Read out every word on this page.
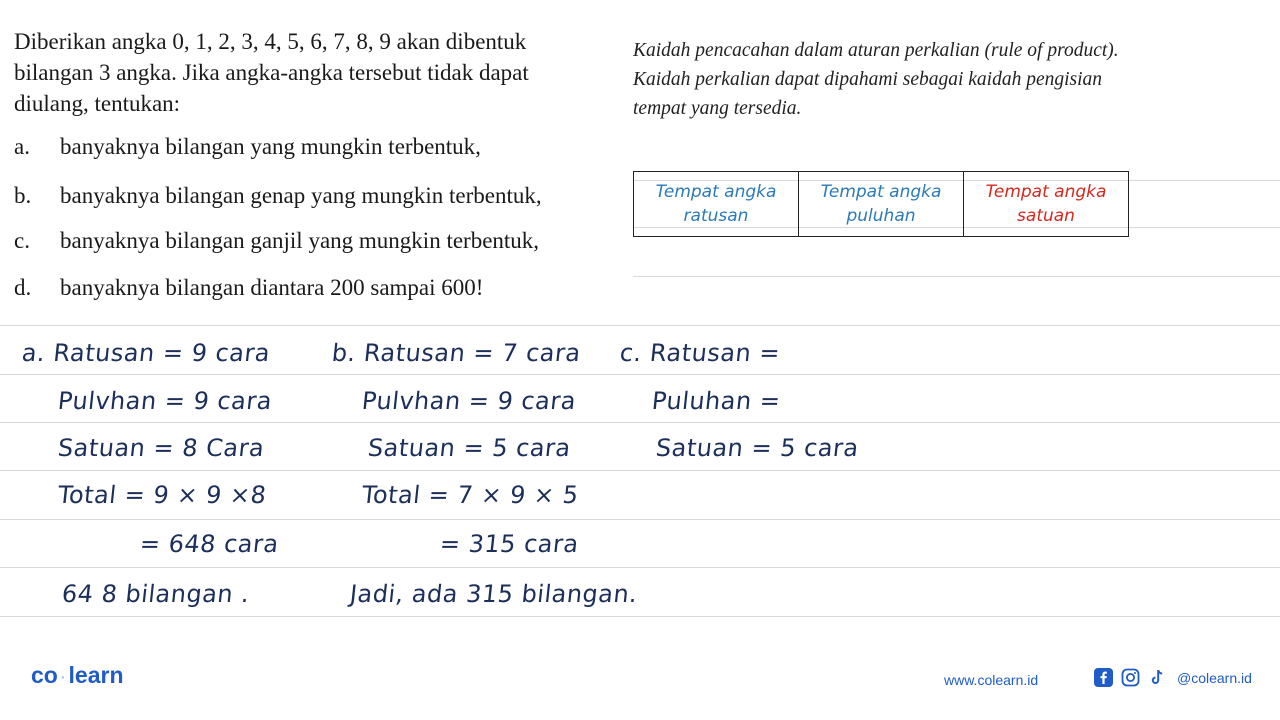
Diberikan angka 0, 1, 2, 3, 4, 5, 6, 7, 8, 9 akan dibentuk bilangan 3 angka. Jika angka-angka tersebut tidak dapat diulang, tentukan:
a. banyaknya bilangan yang mungkin terbentuk,
b. banyaknya bilangan genap yang mungkin terbentuk,
c. banyaknya bilangan ganjil yang mungkin terbentuk,
d. banyaknya bilangan diantara 200 sampai 600!
Kaidah pencacahan dalam aturan perkalian (rule of product).
Kaidah perkalian dapat dipahami sebagai kaidah pengisian
tempat yang tersedia.
Tempat angka
ratusan

Tempat angka
puluhan

Tempat angka
satuan
a. Ratusan = 9 cara
Pulvhan = 9 cara
Satuan = 8 Cara
Total = 9 × 9 ×8
= 648 cara
64 8 bilangan .
b. Ratusan = 7 cara
Pulvhan = 9 cara
Satuan = 5 cara
Total = 7 × 9 × 5
= 315 cara
Jadi, ada 315 bilangan.
c. Ratusan =
Puluhan =
Satuan = 5 cara
co · learn	www.colearn.id	@colearn.id
